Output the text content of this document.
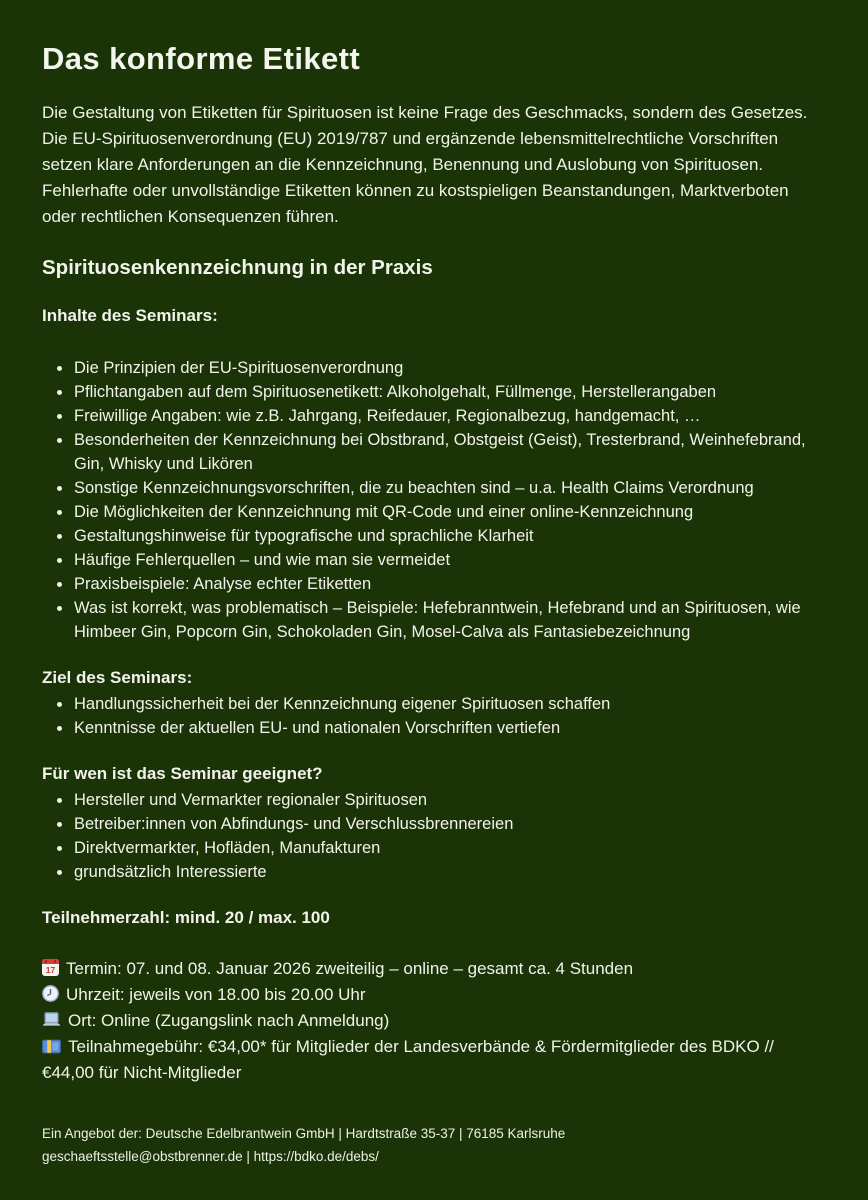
Das konforme Etikett

Die Gestaltung von Etiketten für Spirituosen ist keine Frage des Geschmacks, sondern des Gesetzes. Die EU-Spirituosenverordnung (EU) 2019/787 und ergänzende lebensmittelrechtliche Vorschriften setzen klare Anforderungen an die Kennzeichnung, Benennung und Auslobung von Spirituosen. Fehlerhafte oder unvollständige Etiketten können zu kostspieligen Beanstandungen, Marktverboten oder rechtlichen Konsequenzen führen.

Spirituosenkennzeichnung in der Praxis
Inhalte des Seminars:
• Die Prinzipien der EU-Spirituosenverordnung
• Pflichtangaben auf dem Spirituosenetikett: Alkoholgehalt, Füllmenge, Herstellerangaben
• Freiwillige Angaben: wie z.B. Jahrgang, Reifedauer, Regionalbezug, handgemacht, …
• Besonderheiten der Kennzeichnung bei Obstbrand, Obstgeist (Geist), Tresterbrand, Weinhefebrand, Gin, Whisky und Likören
• Sonstige Kennzeichnungsvorschriften, die zu beachten sind – u.a. Health Claims Verordnung
• Die Möglichkeiten der Kennzeichnung mit QR-Code und einer online-Kennzeichnung
• Gestaltungshinweise für typografische und sprachliche Klarheit
• Häufige Fehlerquellen – und wie man sie vermeidet
• Praxisbeispiele: Analyse echter Etiketten
• Was ist korrekt, was problematisch – Beispiele: Hefebranntwein, Hefebrand und an Spirituosen, wie Himbeer Gin, Popcorn Gin, Schokoladen Gin, Mosel-Calva als Fantasiebezeichnung
Ziel des Seminars:
• Handlungssicherheit bei der Kennzeichnung eigener Spirituosen schaffen
• Kenntnisse der aktuellen EU- und nationalen Vorschriften vertiefen
Für wen ist das Seminar geeignet?
• Hersteller und Vermarkter regionaler Spirituosen
• Betreiber:innen von Abfindungs- und Verschlussbrennereien
• Direktvermarkter, Hofläden, Manufakturen
• grundsätzlich Interessierte
Teilnehmerzahl: mind. 20 / max. 100
17 Termin: 07. und 08. Januar 2026 zweiteilig – online – gesamt ca. 4 Stunden
Uhrzeit: jeweils von 18.00 bis 20.00 Uhr
Ort: Online (Zugangslink nach Anmeldung)
Teilnahmegebühr: €34,00* für Mitglieder der Landesverbände & Fördermitglieder des BDKO // €44,00 für Nicht-Mitglieder
Ein Angebot der: Deutsche Edelbrantwein GmbH | Hardtstraße 35-37 | 76185 Karlsruhe
geschaeftsstelle@obstbrenner.de | https://bdko.de/debs/
